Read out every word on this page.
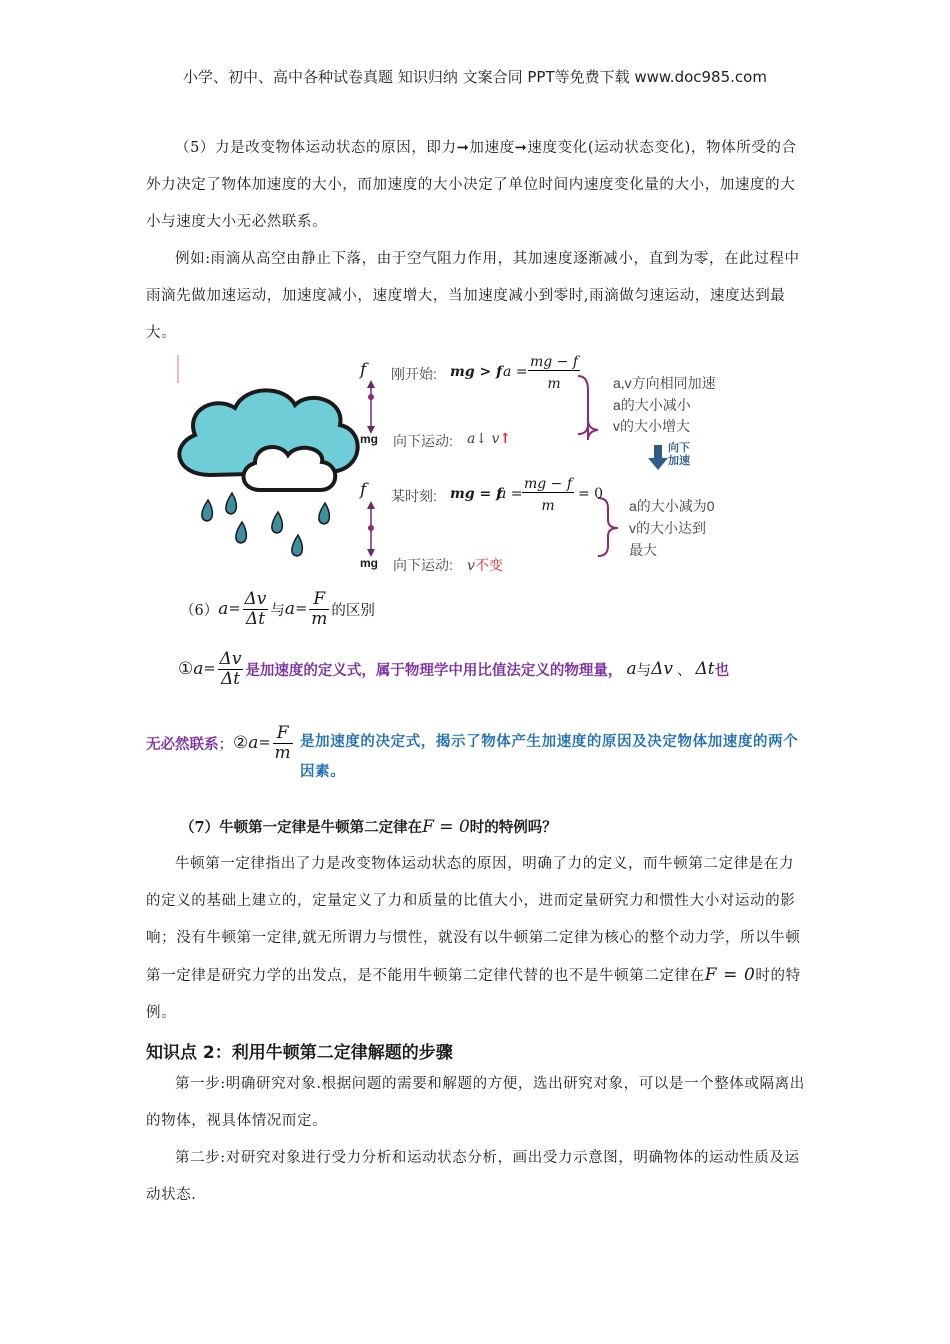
小学、初中、高中各种试卷真题 知识归纳 文案合同 PPT等免费下载 www.doc985.com

（5）力是改变物体运动状态的原因，即力➞加速度➞速度变化(运动状态变化)，物体所受的合外力决定了物体加速度的大小，而加速度的大小决定了单位时间内速度变化量的大小，加速度的大小与速度大小无必然联系。

例如:雨滴从高空由静止下落，由于空气阻力作用，其加速度逐渐减小，直到为零，在此过程中雨滴先做加速运动，加速度减小，速度增大，当加速度减小到零时,雨滴做匀速运动，速度达到最大。

f
mg
刚开始: mg > f a =
mg − f
m	a,v方向相同加速
a的大小减小
v的大小增大
向下运动: a↓ v↑
向下
加速
f
mg
某时刻: mg = f
a =
mg − f
m
= 0
a的大小减为0
v的大小达到
最大
向下运动: v不变
（6） $a = \frac{\Delta v}{\Delta t}$ 与 $a = \frac{F}{m}$ 的区别
① $a = \frac{\Delta v}{\Delta t}$ 是加速度的定义式，属于物理学中用比值法定义的物理量， a 与 Δv 、 Δt 也
无必然联系 ； ② $a = \frac{F}{m}$ 是加速度的决定式，揭示了物体产生加速度的原因及决定物体加速度的两个因素。
（7）牛顿第一定律是牛顿第二定律在F = 0时的特例吗？

牛顿第一定律指出了力是改变物体运动状态的原因，明确了力的定义，而牛顿第二定律是在力的定义的基础上建立的，定量定义了力和质量的比值大小，进而定量研究力和惯性大小对运动的影响；没有牛顿第一定律,就无所谓力与惯性，就没有以牛顿第二定律为核心的整个动力学，所以牛顿第一定律是研究力学的出发点，是不能用牛顿第二定律代替的也不是牛顿第二定律在F = 0时的特例。

知识点 2：利用牛顿第二定律解题的步骤

第一步:明确研究对象.根据问题的需要和解题的方便，选出研究对象，可以是一个整体或隔离出的物体，视具体情况而定。

第二步:对研究对象进行受力分析和运动状态分析，画出受力示意图，明确物体的运动性质及运动状态.
